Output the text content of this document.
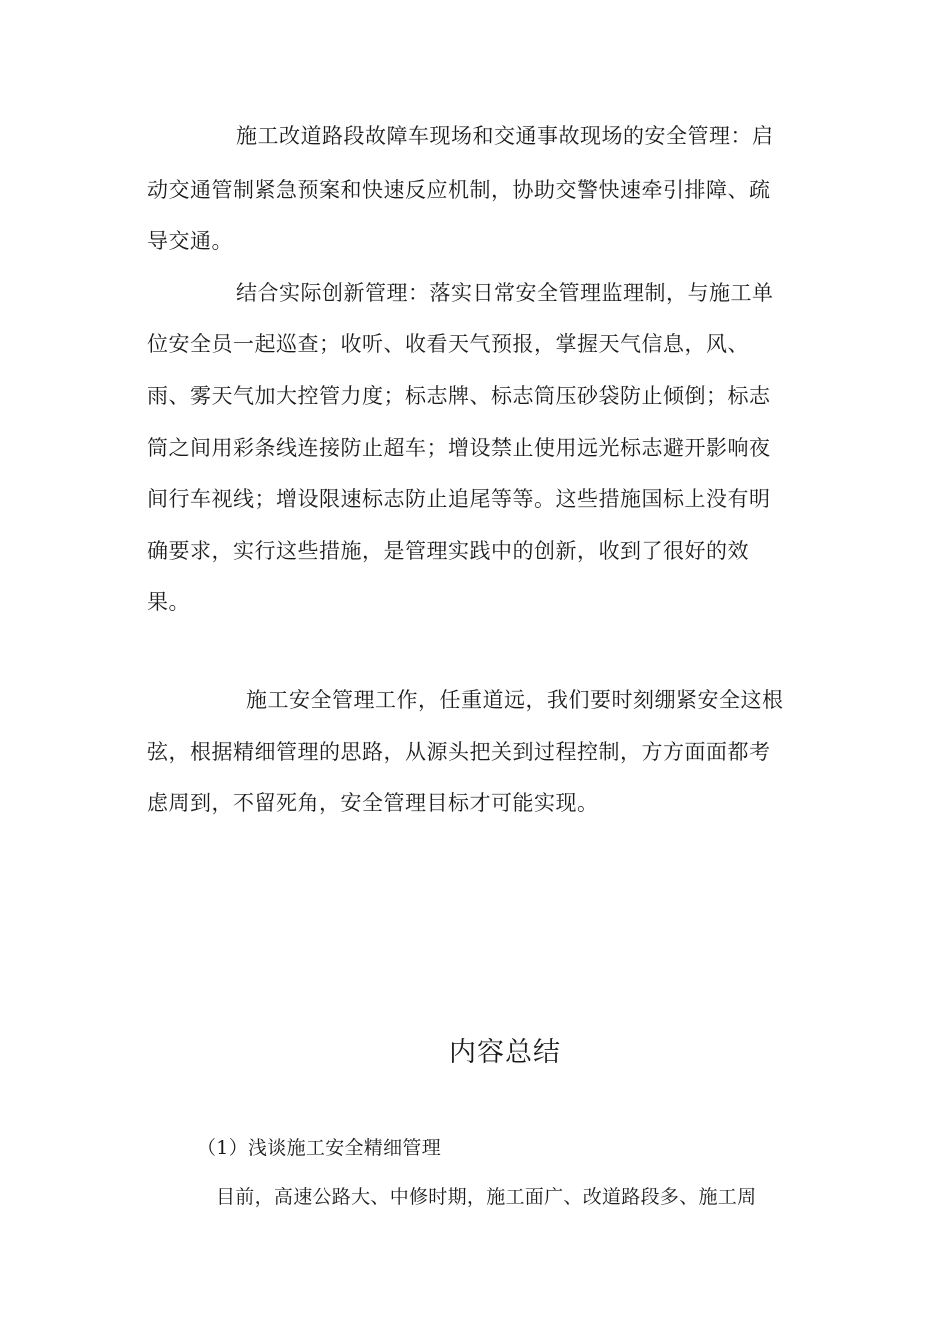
施工改道路段故障车现场和交通事故现场的安全管理：启
动交通管制紧急预案和快速反应机制，协助交警快速牵引排障、疏
导交通。
结合实际创新管理：落实日常安全管理监理制，与施工单
位安全员一起巡查；收听、收看天气预报，掌握天气信息，风、
雨、雾天气加大控管力度；标志牌、标志筒压砂袋防止倾倒；标志
筒之间用彩条线连接防止超车；增设禁止使用远光标志避开影响夜
间行车视线；增设限速标志防止追尾等等。这些措施国标上没有明
确要求，实行这些措施，是管理实践中的创新，收到了很好的效
果。
施工安全管理工作，任重道远，我们要时刻绷紧安全这根
弦，根据精细管理的思路，从源头把关到过程控制，方方面面都考
虑周到，不留死角，安全管理目标才可能实现。
内容总结
（1）浅谈施工安全精细管理
目前，高速公路大、中修时期，施工面广、改道路段多、施工周
